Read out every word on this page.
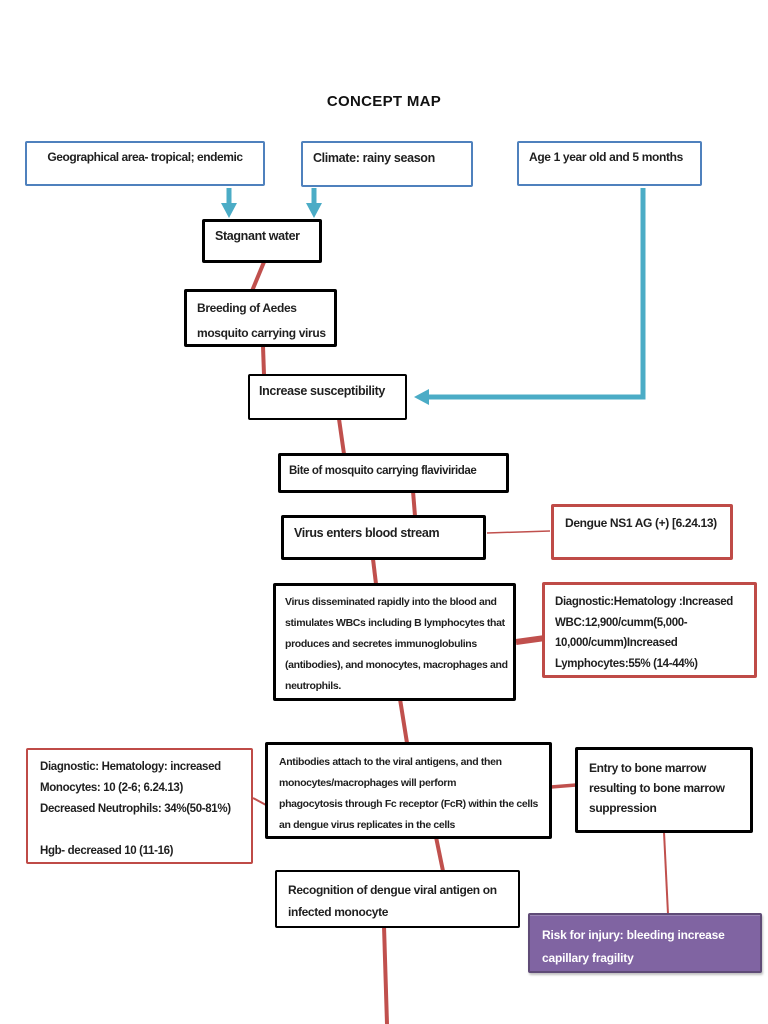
CONCEPT MAP
Geographical area- tropical; endemic	Climate: rainy season	Age 1 year old and 5 months
Stagnant water
Breeding of Aedes
mosquito carrying virus
Increase susceptibility
Bite of mosquito carrying flaviviridae
Virus enters blood stream
Dengue NS1 AG (+) [6.24.13)
Virus disseminated rapidly into the blood and
stimulates WBCs including B lymphocytes that
produces and secretes immunoglobulins
(antibodies), and monocytes, macrophages and
neutrophils.
Diagnostic:Hematology :Increased
WBC:12,900/cumm(5,000-
10,000/cumm)Increased
Lymphocytes:55% (14-44%)
Antibodies attach to the viral antigens, and then
monocytes/macrophages will perform
phagocytosis through Fc receptor (FcR) within the cells
an dengue virus replicates in the cells
Diagnostic: Hematology: increased
Monocytes: 10 (2-6; 6.24.13)
Decreased Neutrophils: 34%(50-81%)
Hgb- decreased 10 (11-16)
Entry to bone marrow
resulting to bone marrow
suppression
Recognition of dengue viral antigen on
infected monocyte
Risk for injury: bleeding increase
capillary fragility
